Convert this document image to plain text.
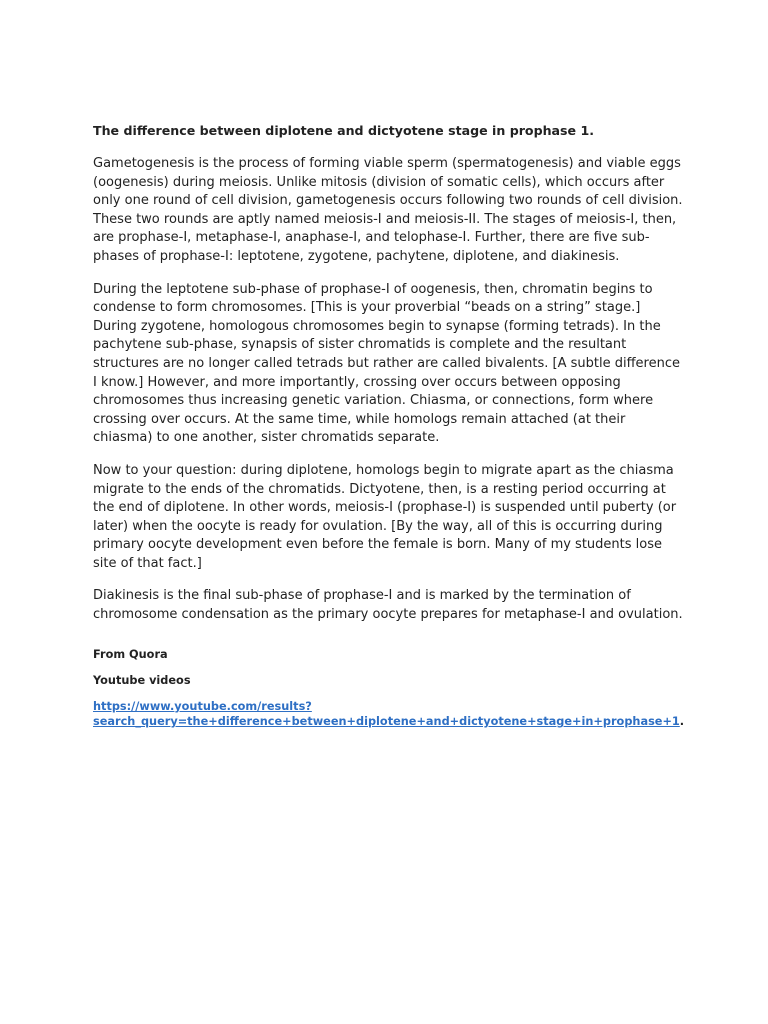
The difference between diplotene and dictyotene stage in prophase 1.

Gametogenesis is the process of forming viable sperm (spermatogenesis) and viable eggs (oogenesis) during meiosis. Unlike mitosis (division of somatic cells), which occurs after only one round of cell division, gametogenesis occurs following two rounds of cell division. These two rounds are aptly named meiosis-I and meiosis-II. The stages of meiosis-I, then, are prophase-I, metaphase-I, anaphase-I, and telophase-I. Further, there are five sub-phases of prophase-I: leptotene, zygotene, pachytene, diplotene, and diakinesis.

During the leptotene sub-phase of prophase-I of oogenesis, then, chromatin begins to condense to form chromosomes. [This is your proverbial “beads on a string” stage.] During zygotene, homologous chromosomes begin to synapse (forming tetrads). In the pachytene sub-phase, synapsis of sister chromatids is complete and the resultant structures are no longer called tetrads but rather are called bivalents. [A subtle difference I know.] However, and more importantly, crossing over occurs between opposing chromosomes thus increasing genetic variation. Chiasma, or connections, form where crossing over occurs. At the same time, while homologs remain attached (at their chiasma) to one another, sister chromatids separate.

Now to your question: during diplotene, homologs begin to migrate apart as the chiasma migrate to the ends of the chromatids. Dictyotene, then, is a resting period occurring at the end of diplotene. In other words, meiosis-I (prophase-I) is suspended until puberty (or later) when the oocyte is ready for ovulation. [By the way, all of this is occurring during primary oocyte development even before the female is born. Many of my students lose site of that fact.]

Diakinesis is the final sub-phase of prophase-I and is marked by the termination of chromosome condensation as the primary oocyte prepares for metaphase-I and ovulation.

From Quora

Youtube videos

https://www.youtube.com/results?
search_query=the+difference+between+diplotene+and+dictyotene+stage+in+prophase+1.
